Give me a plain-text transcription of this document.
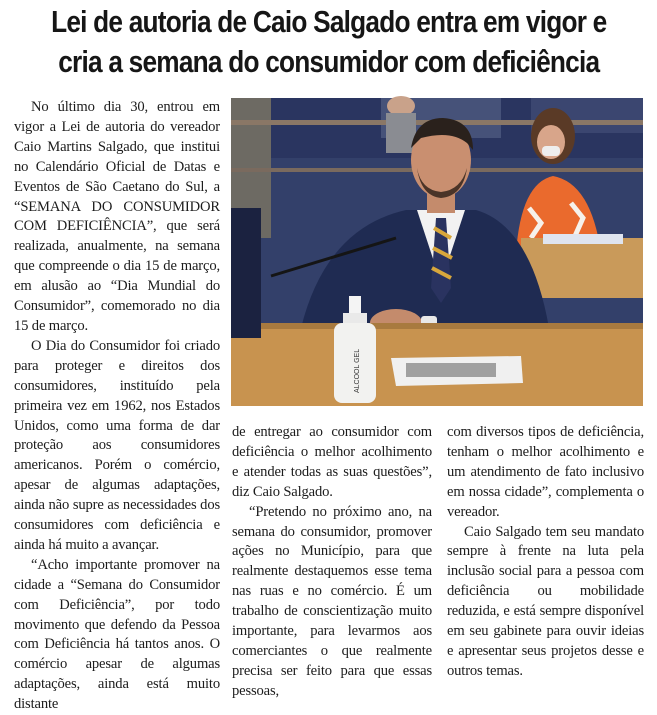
Lei de autoria de Caio Salgado entra em vigor e
cria a semana do consumidor com deficiência

No último dia 30, entrou em vigor a Lei de autoria do vereador Caio Martins Salgado, que institui no Calendário Oficial de Datas e Eventos de São Caetano do Sul, a “SEMANA DO CONSUMIDOR COM DEFICIÊNCIA”, que será realizada, anualmente, na semana que compreende o dia 15 de março, em alusão ao “Dia Mundial do Consumidor”, comemorado no dia 15 de março.

O Dia do Consumidor foi criado para proteger e direitos dos consumidores, instituído pela primeira vez em 1962, nos Estados Unidos, como uma forma de dar proteção aos consumidores americanos. Porém o comércio, apesar de algumas adaptações, ainda não supre as necessidades dos consumidores com deficiência e ainda há muito a avançar.

“Acho importante promover na cidade a “Semana do Consumidor com Deficiência”, por todo movimento que defendo da Pessoa com Deficiência há tantos anos. O comércio apesar de algumas adaptações, ainda está muito distante

ALCOOL GEL

de entregar ao consumidor com deficiência o melhor acolhimento e atender todas as suas questões”, diz Caio Salgado.

“Pretendo no próximo ano, na semana do consumidor, promover ações no Município, para que realmente destaquemos esse tema nas ruas e no comércio. É um trabalho de conscientização muito importante, para levarmos aos comerciantes o que realmente precisa ser feito para que essas pessoas,

com diversos tipos de deficiência, tenham o melhor acolhimento e um atendimento de fato inclusivo em nossa cidade”, complementa o vereador.

Caio Salgado tem seu mandato sempre à frente na luta pela inclusão social para a pessoa com deficiência ou mobilidade reduzida, e está sempre disponível em seu gabinete para ouvir ideias e apresentar seus projetos desse e outros temas.
